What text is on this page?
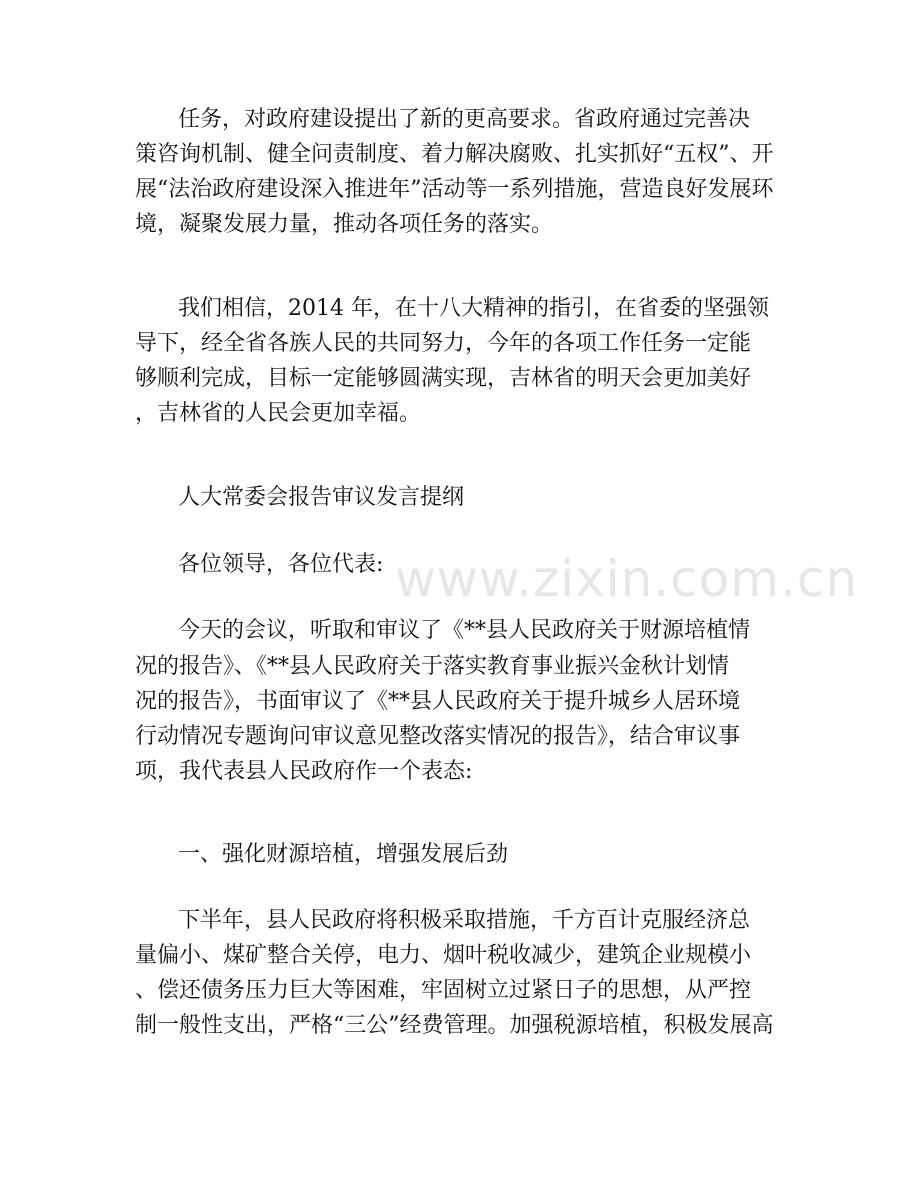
www.zixin.com.cn
任务，对政府建设提出了新的更高要求。省政府通过完善决
策咨询机制、健全问责制度、着力解决腐败、扎实抓好“五权”、开
展“法治政府建设深入推进年”活动等一系列措施，营造良好发展环
境，凝聚发展力量，推动各项任务的落实。
我们相信，2014 年，在十八大精神的指引，在省委的坚强领
导下，经全省各族人民的共同努力，今年的各项工作任务一定能
够顺利完成，目标一定能够圆满实现，吉林省的明天会更加美好
，吉林省的人民会更加幸福。
人大常委会报告审议发言提纲
各位领导，各位代表:
今天的会议，听取和审议了《**县人民政府关于财源培植情
况的报告》、《**县人民政府关于落实教育事业振兴金秋计划情
况的报告》，书面审议了《**县人民政府关于提升城乡人居环境
行动情况专题询问审议意见整改落实情况的报告》，结合审议事
项，我代表县人民政府作一个表态:
一、强化财源培植，增强发展后劲
下半年，县人民政府将积极采取措施，千方百计克服经济总
量偏小、煤矿整合关停，电力、烟叶税收减少，建筑企业规模小
、偿还债务压力巨大等困难，牢固树立过紧日子的思想，从严控
制一般性支出，严格“三公”经费管理。加强税源培植，积极发展高
